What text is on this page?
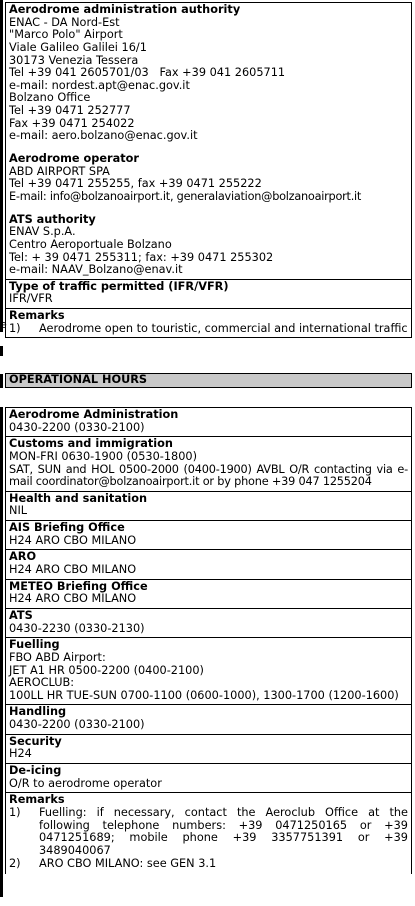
e
Aerodrome administration authority
ENAC - DA Nord-Est
"Marco Polo" Airport
Viale Galileo Galilei 16/1
30173 Venezia Tessera
Tel +39 041 2605701/03   Fax +39 041 2605711
e-mail: nordest.apt@enac.gov.it
Bolzano Office
Tel +39 0471 252777
Fax +39 0471 254022
e-mail: aero.bolzano@enac.gov.it
Aerodrome operator
ABD AIRPORT SPA
Tel +39 0471 255255, fax +39 0471 255222
E-mail: info@bolzanoairport.it, generalaviation@bolzanoairport.it
ATS authority
ENAV S.p.A.
Centro Aeroportuale Bolzano
Tel: + 39 0471 255311; fax: +39 0471 255302
e-mail: NAAV_Bolzano@enav.it
Type of traffic permitted (IFR/VFR)
IFR/VFR
Remarks
1)	Aerodrome open to touristic, commercial and international traffic
OPERATIONAL HOURS
Aerodrome Administration
0430-2200 (0330-2100)
Customs and immigration
MON-FRI 0630-1900 (0530-1800)
SAT, SUN and HOL 0500-2000 (0400-1900) AVBL O/R contacting via e-mail coordinator@bolzanoairport.it or by phone +39 047 1255204
Health and sanitation
NIL
AIS Briefing Office
H24 ARO CBO MILANO
ARO
H24 ARO CBO MILANO
METEO Briefing Office
H24 ARO CBO MILANO
ATS
0430-2230 (0330-2130)
Fuelling
FBO ABD Airport:
JET A1 HR 0500-2200 (0400-2100)
AEROCLUB:
100LL HR TUE-SUN 0700-1100 (0600-1000), 1300-1700 (1200-1600)
Handling
0430-2200 (0330-2100)
Security
H24
De-icing
O/R to aerodrome operator
Remarks
1)	Fuelling: if necessary, contact the Aeroclub Office at the following telephone numbers: +39 0471250165 or +39 0471251689; mobile phone +39 3357751391 or +39 3489040067
2)	ARO CBO MILANO: see GEN 3.1
